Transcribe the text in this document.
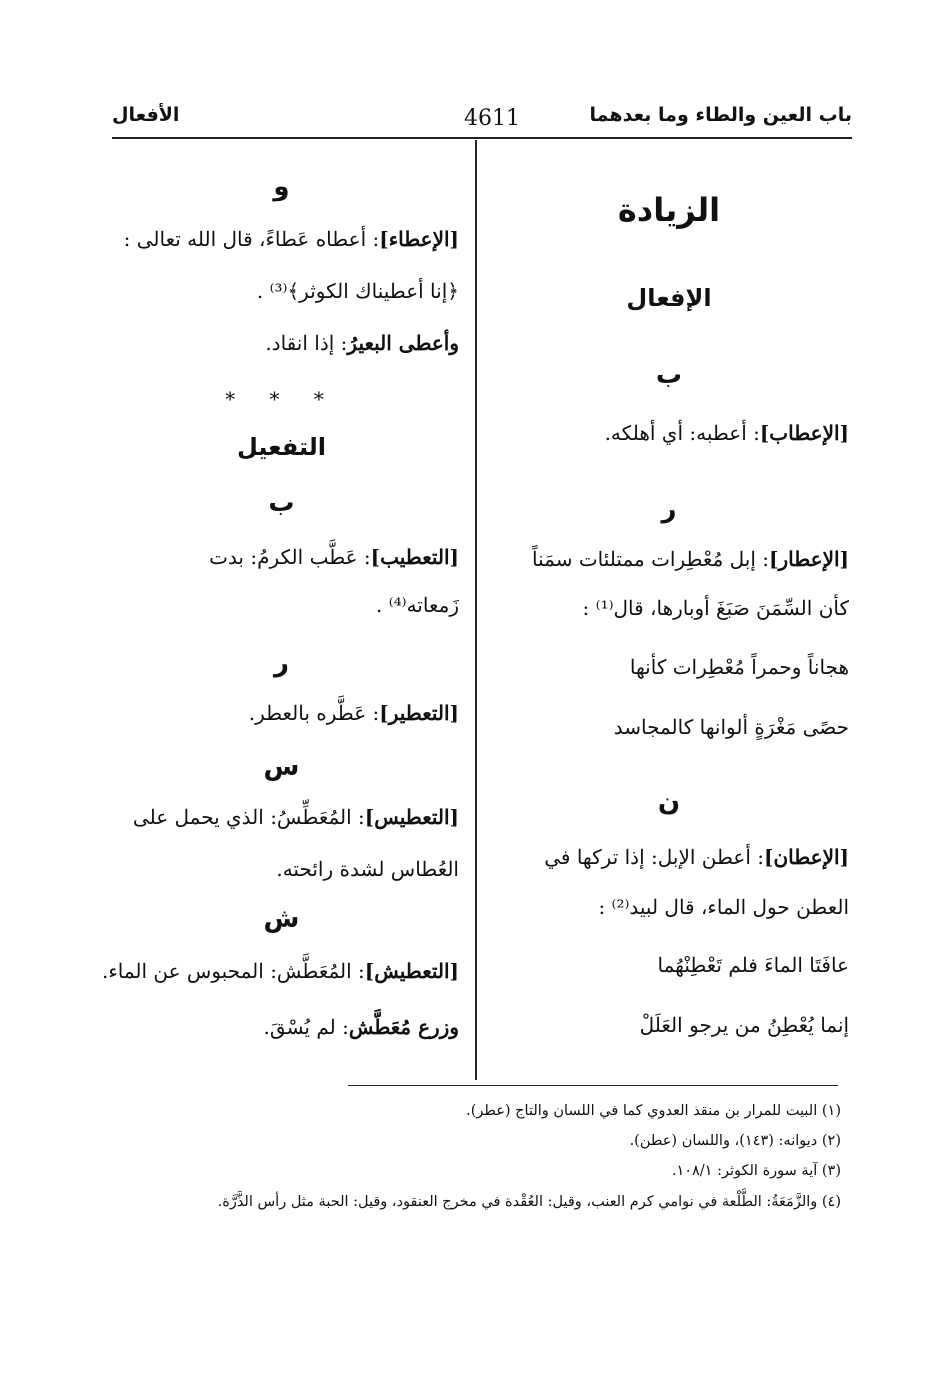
باب العين والطاء وما بعدهما
4611
الأفعال
الزيادة
الإفعال
ب
[الإعطاب]: أعطبه: أي أهلكه.
ر
[الإعطار]: إبل مُعْطِرات ممتلئات سمَناً
كأن السِّمَنَ صَبَغَ أوبارها، قال⁽¹⁾ :
هجاناً وحمراً مُعْطِرات كأنها
حصًى مَغْرَةٍ ألوانها كالمجاسد
ن
[الإعطان]: أعطن الإبل: إذا تركها في
العطن حول الماء، قال لبيد⁽²⁾ :
عافَتَا الماءَ فلم تَعْطِنْهُما
إنما يُعْطِنُ من يرجو العَلَلْ
و
[الإعطاء]: أعطاه عَطاءً، قال الله تعالى :
﴿إنا أعطيناك الكوثر﴾⁽³⁾ .
وأعطى البعيرُ: إذا انقاد.
* * *
التفعيل
ب
[التعطيب]: عَطَّب الكرمُ: بدت
زَمعاته⁽⁴⁾ .
ر
[التعطير]: عَطَّره بالعطر.
س
[التعطيس]: المُعَطِّسُ: الذي يحمل على
العُطاس لشدة رائحته.
ش
[التعطيش]: المُعَطَّش: المحبوس عن الماء.
وزرع مُعَطَّش: لم يُسْقَ.
(١) البيت للمرار بن منقذ العدوي كما في اللسان والتاج (عطر).
(٢) ديوانه: (١٤٣)، واللسان (عطن).
(٣) آية سورة الكوثر: ١٠٨/١.
(٤) والزَّمَعَةُ: الطَّلْعة في نوامي كرم العنب، وقيل: العُقْدة في مخرج العنقود، وقيل: الحبة مثل رأس الذَّرَّة.
